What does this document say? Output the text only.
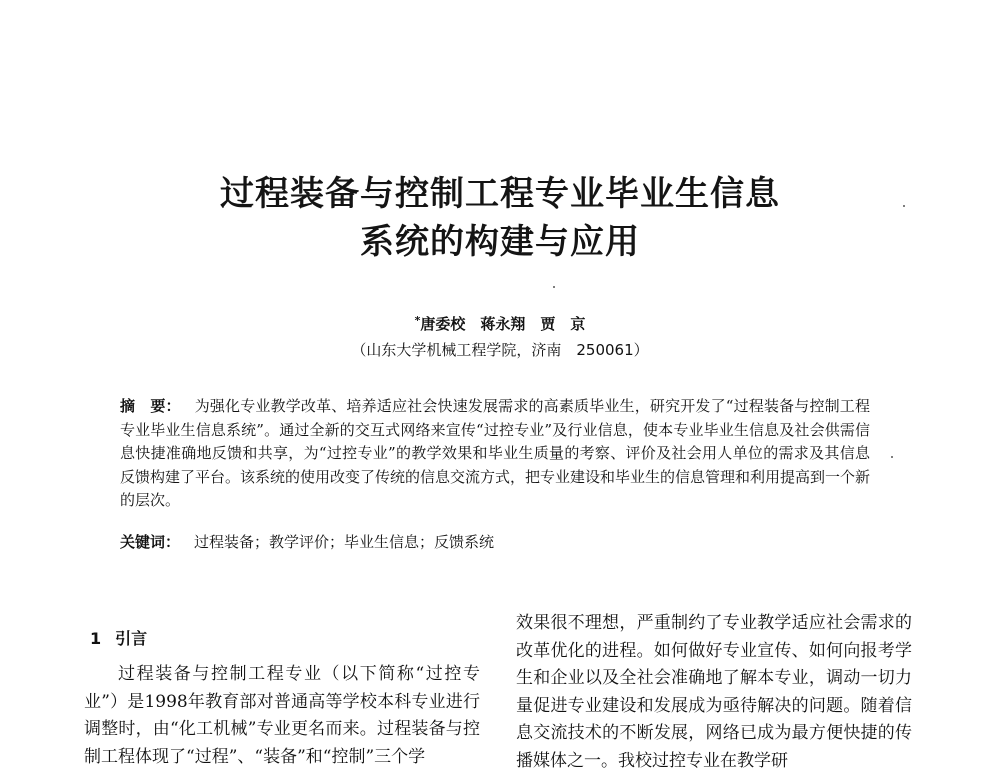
过程装备与控制工程专业毕业生信息
系统的构建与应用
*唐委校　蒋永翔　贾　京
（山东大学机械工程学院，济南　250061）
摘　要： 为强化专业教学改革、培养适应社会快速发展需求的高素质毕业生，研究开发了“过程装备与控制工程专业毕业生信息系统”。通过全新的交互式网络来宣传“过控专业”及行业信息，使本专业毕业生信息及社会供需信息快捷准确地反馈和共享，为“过控专业”的教学效果和毕业生质量的考察、评价及社会用人单位的需求及其信息反馈构建了平台。该系统的使用改变了传统的信息交流方式，把专业建设和毕业生的信息管理和利用提高到一个新的层次。
关键词： 过程装备；教学评价；毕业生信息；反馈系统
1 引言
过程装备与控制工程专业（以下简称“过控专业”）是1998年教育部对普通高等学校本科专业进行调整时，由“化工机械”专业更名而来。过程装备与控制工程体现了“过程”、“装备”和“控制”三个学
效果很不理想，严重制约了专业教学适应社会需求的改革优化的进程。如何做好专业宣传、如何向报考学生和企业以及全社会准确地了解本专业，调动一切力量促进专业建设和发展成为亟待解决的问题。随着信息交流技术的不断发展，网络已成为最方便快捷的传播媒体之一。我校过控专业在教学研
